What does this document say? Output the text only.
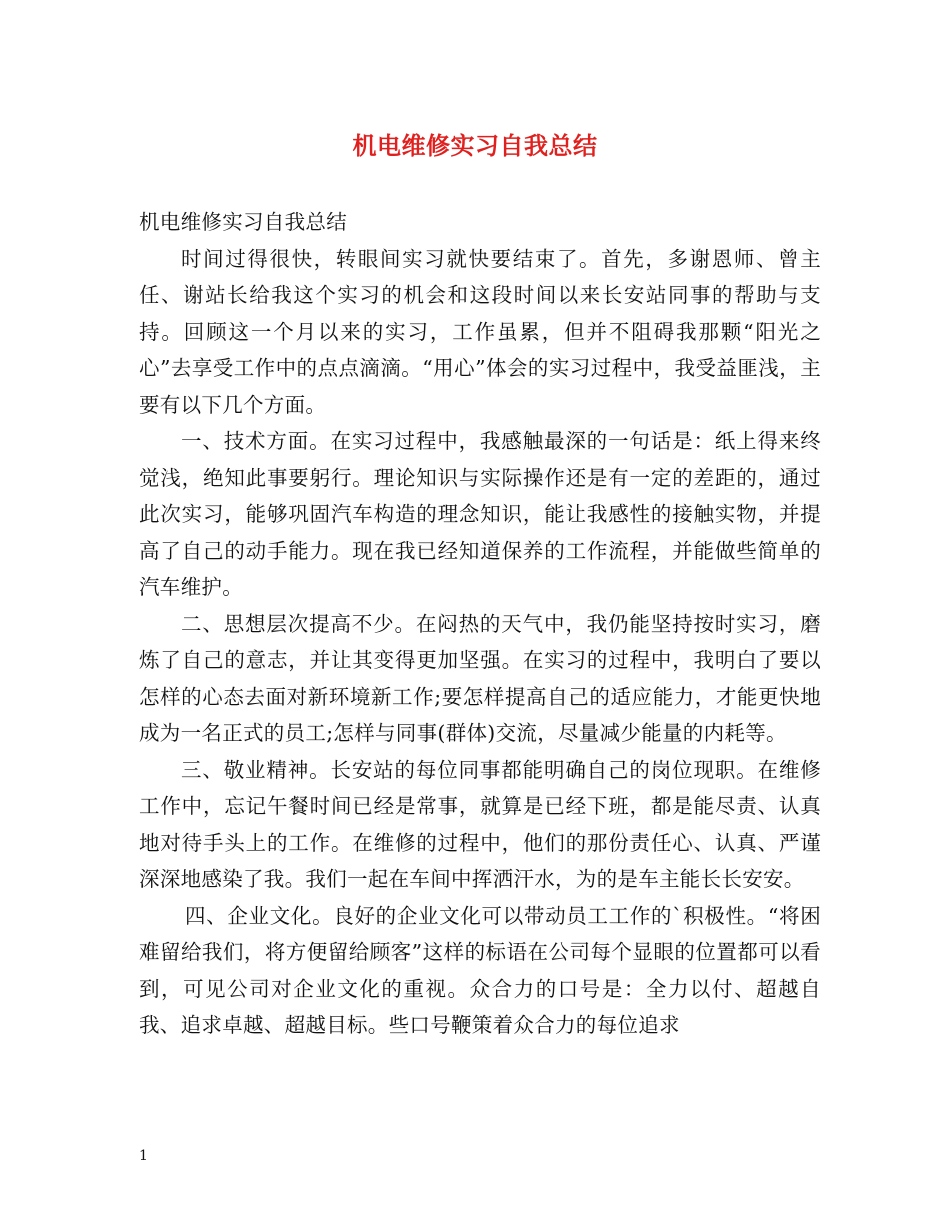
机电维修实习自我总结

机电维修实习自我总结

时间过得很快，转眼间实习就快要结束了。首先，多谢恩师、曾主任、谢站长给我这个实习的机会和这段时间以来长安站同事的帮助与支持。回顾这一个月以来的实习，工作虽累，但并不阻碍我那颗“阳光之心”去享受工作中的点点滴滴。“用心”体会的实习过程中，我受益匪浅，主要有以下几个方面。

一、技术方面。在实习过程中，我感触最深的一句话是：纸上得来终觉浅，绝知此事要躬行。理论知识与实际操作还是有一定的差距的，通过此次实习，能够巩固汽车构造的理念知识，能让我感性的接触实物，并提高了自己的动手能力。现在我已经知道保养的工作流程，并能做些简单的汽车维护。

二、思想层次提高不少。在闷热的天气中，我仍能坚持按时实习，磨炼了自己的意志，并让其变得更加坚强。在实习的过程中，我明白了要以怎样的心态去面对新环境新工作;要怎样提高自己的适应能力，才能更快地成为一名正式的员工;怎样与同事(群体)交流，尽量减少能量的内耗等。

三、敬业精神。长安站的每位同事都能明确自己的岗位现职。在维修工作中，忘记午餐时间已经是常事，就算是已经下班，都是能尽责、认真地对待手头上的工作。在维修的过程中，他们的那份责任心、认真、严谨深深地感染了我。我们一起在车间中挥洒汗水，为的是车主能长长安安。

四、企业文化。良好的企业文化可以带动员工工作的`积极性。“将困难留给我们，将方便留给顾客”这样的标语在公司每个显眼的位置都可以看到，可见公司对企业文化的重视。众合力的口号是：全力以付、超越自我、追求卓越、超越目标。些口号鞭策着众合力的每位追求

1
